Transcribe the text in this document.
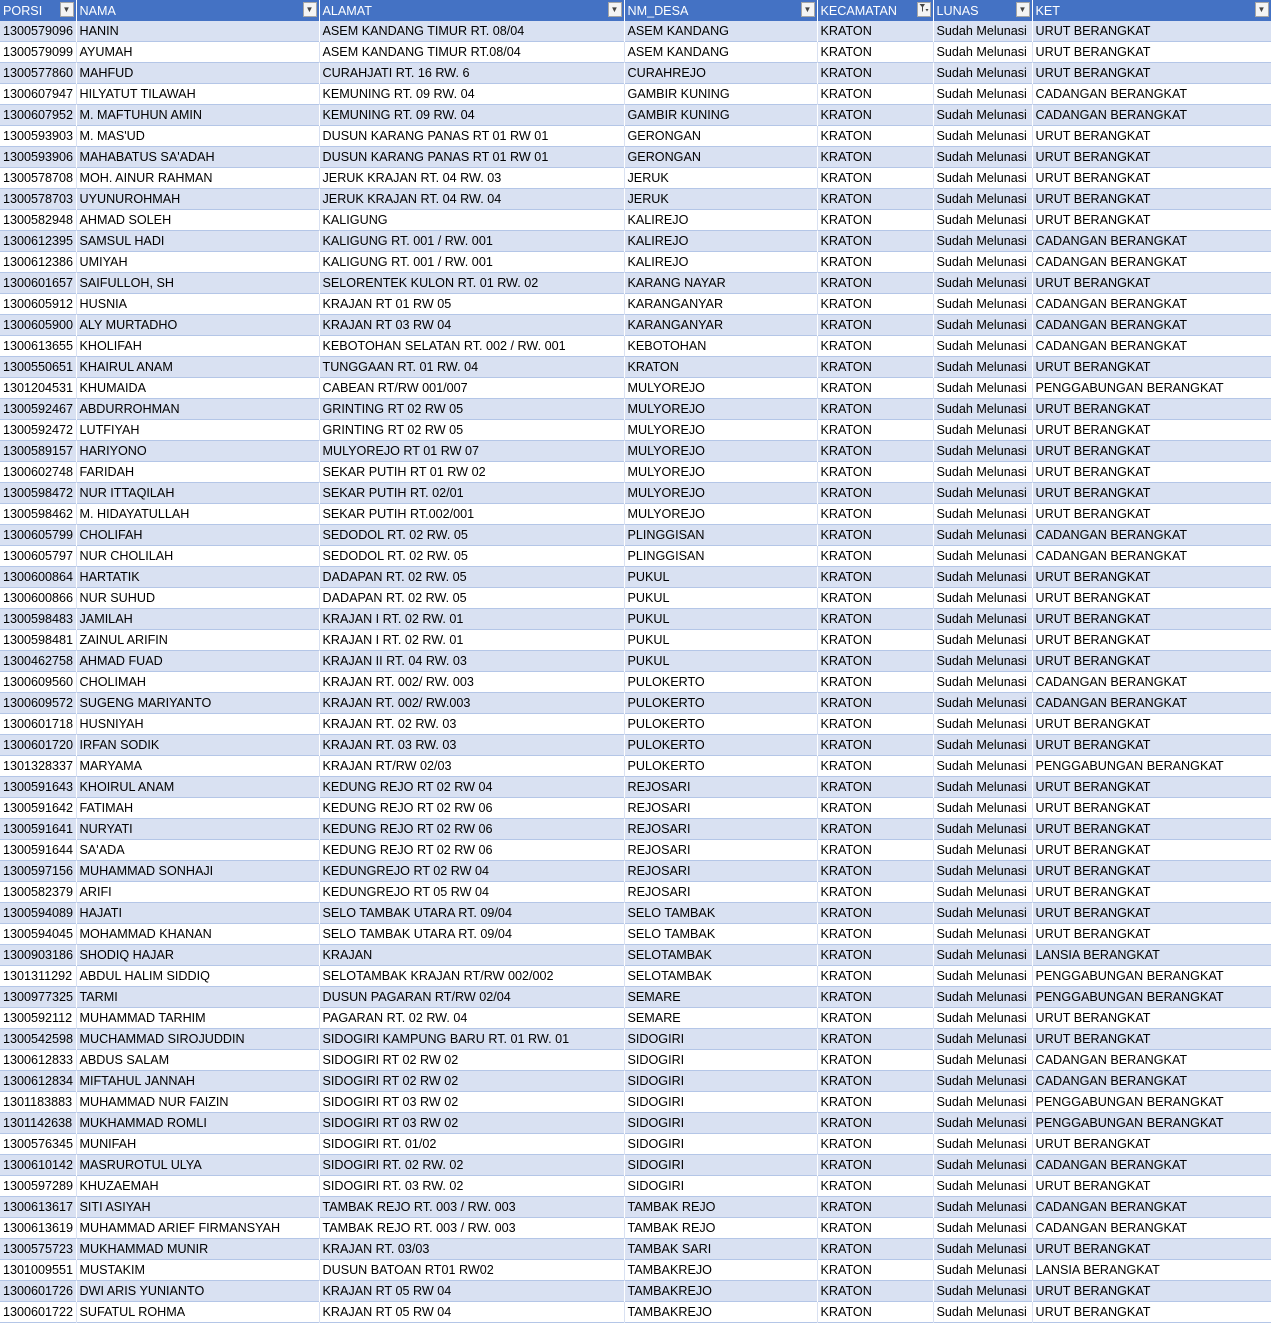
PORSI ▼	NAMA ▼	ALAMAT ▼	NM_DESA ▼	KECAMATAN	LUNAS ▼	KET ▼

1300579096	HANIN	ASEM KANDANG TIMUR RT. 08/04	ASEM KANDANG	KRATON	Sudah Melunasi	URUT BERANGKAT
1300579099	AYUMAH	ASEM KANDANG TIMUR RT.08/04	ASEM KANDANG	KRATON	Sudah Melunasi	URUT BERANGKAT
1300577860	MAHFUD	CURAHJATI RT. 16 RW. 6	CURAHREJO	KRATON	Sudah Melunasi	URUT BERANGKAT
1300607947	HILYATUT TILAWAH	KEMUNING RT. 09 RW. 04	GAMBIR KUNING	KRATON	Sudah Melunasi	CADANGAN BERANGKAT
1300607952	M. MAFTUHUN AMIN	KEMUNING RT. 09 RW. 04	GAMBIR KUNING	KRATON	Sudah Melunasi	CADANGAN BERANGKAT
1300593903	M. MAS'UD	DUSUN KARANG PANAS RT 01 RW 01	GERONGAN	KRATON	Sudah Melunasi	URUT BERANGKAT
1300593906	MAHABATUS SA'ADAH	DUSUN KARANG PANAS RT 01 RW 01	GERONGAN	KRATON	Sudah Melunasi	URUT BERANGKAT
1300578708	MOH. AINUR RAHMAN	JERUK KRAJAN RT. 04 RW. 03	JERUK	KRATON	Sudah Melunasi	URUT BERANGKAT
1300578703	UYUNUROHMAH	JERUK KRAJAN RT. 04 RW. 04	JERUK	KRATON	Sudah Melunasi	URUT BERANGKAT
1300582948	AHMAD SOLEH	KALIGUNG	KALIREJO	KRATON	Sudah Melunasi	URUT BERANGKAT
1300612395	SAMSUL HADI	KALIGUNG RT. 001 / RW. 001	KALIREJO	KRATON	Sudah Melunasi	CADANGAN BERANGKAT
1300612386	UMIYAH	KALIGUNG RT. 001 / RW. 001	KALIREJO	KRATON	Sudah Melunasi	CADANGAN BERANGKAT
1300601657	SAIFULLOH, SH	SELORENTEK KULON RT. 01 RW. 02	KARANG NAYAR	KRATON	Sudah Melunasi	URUT BERANGKAT
1300605912	HUSNIA	KRAJAN RT 01 RW 05	KARANGANYAR	KRATON	Sudah Melunasi	CADANGAN BERANGKAT
1300605900	ALY MURTADHO	KRAJAN RT 03 RW 04	KARANGANYAR	KRATON	Sudah Melunasi	CADANGAN BERANGKAT
1300613655	KHOLIFAH	KEBOTOHAN SELATAN RT. 002 / RW. 001	KEBOTOHAN	KRATON	Sudah Melunasi	CADANGAN BERANGKAT
1300550651	KHAIRUL ANAM	TUNGGAAN RT. 01 RW. 04	KRATON	KRATON	Sudah Melunasi	URUT BERANGKAT
1301204531	KHUMAIDA	CABEAN RT/RW 001/007	MULYOREJO	KRATON	Sudah Melunasi	PENGGABUNGAN BERANGKAT
1300592467	ABDURROHMAN	GRINTING RT 02 RW 05	MULYOREJO	KRATON	Sudah Melunasi	URUT BERANGKAT
1300592472	LUTFIYAH	GRINTING RT 02 RW 05	MULYOREJO	KRATON	Sudah Melunasi	URUT BERANGKAT
1300589157	HARIYONO	MULYOREJO RT 01 RW 07	MULYOREJO	KRATON	Sudah Melunasi	URUT BERANGKAT
1300602748	FARIDAH	SEKAR PUTIH RT 01 RW 02	MULYOREJO	KRATON	Sudah Melunasi	URUT BERANGKAT
1300598472	NUR ITTAQILAH	SEKAR PUTIH RT. 02/01	MULYOREJO	KRATON	Sudah Melunasi	URUT BERANGKAT
1300598462	M. HIDAYATULLAH	SEKAR PUTIH RT.002/001	MULYOREJO	KRATON	Sudah Melunasi	URUT BERANGKAT
1300605799	CHOLIFAH	SEDODOL RT. 02 RW. 05	PLINGGISAN	KRATON	Sudah Melunasi	CADANGAN BERANGKAT
1300605797	NUR CHOLILAH	SEDODOL RT. 02 RW. 05	PLINGGISAN	KRATON	Sudah Melunasi	CADANGAN BERANGKAT
1300600864	HARTATIK	DADAPAN RT. 02 RW. 05	PUKUL	KRATON	Sudah Melunasi	URUT BERANGKAT
1300600866	NUR SUHUD	DADAPAN RT. 02 RW. 05	PUKUL	KRATON	Sudah Melunasi	URUT BERANGKAT
1300598483	JAMILAH	KRAJAN I RT. 02 RW. 01	PUKUL	KRATON	Sudah Melunasi	URUT BERANGKAT
1300598481	ZAINUL ARIFIN	KRAJAN I RT. 02 RW. 01	PUKUL	KRATON	Sudah Melunasi	URUT BERANGKAT
1300462758	AHMAD FUAD	KRAJAN II RT. 04 RW. 03	PUKUL	KRATON	Sudah Melunasi	URUT BERANGKAT
1300609560	CHOLIMAH	KRAJAN RT. 002/ RW. 003	PULOKERTO	KRATON	Sudah Melunasi	CADANGAN BERANGKAT
1300609572	SUGENG MARIYANTO	KRAJAN RT. 002/ RW.003	PULOKERTO	KRATON	Sudah Melunasi	CADANGAN BERANGKAT
1300601718	HUSNIYAH	KRAJAN RT. 02 RW. 03	PULOKERTO	KRATON	Sudah Melunasi	URUT BERANGKAT
1300601720	IRFAN SODIK	KRAJAN RT. 03 RW. 03	PULOKERTO	KRATON	Sudah Melunasi	URUT BERANGKAT
1301328337	MARYAMA	KRAJAN RT/RW 02/03	PULOKERTO	KRATON	Sudah Melunasi	PENGGABUNGAN BERANGKAT
1300591643	KHOIRUL ANAM	KEDUNG REJO RT 02 RW 04	REJOSARI	KRATON	Sudah Melunasi	URUT BERANGKAT
1300591642	FATIMAH	KEDUNG REJO RT 02 RW 06	REJOSARI	KRATON	Sudah Melunasi	URUT BERANGKAT
1300591641	NURYATI	KEDUNG REJO RT 02 RW 06	REJOSARI	KRATON	Sudah Melunasi	URUT BERANGKAT
1300591644	SA'ADA	KEDUNG REJO RT 02 RW 06	REJOSARI	KRATON	Sudah Melunasi	URUT BERANGKAT
1300597156	MUHAMMAD SONHAJI	KEDUNGREJO RT 02 RW 04	REJOSARI	KRATON	Sudah Melunasi	URUT BERANGKAT
1300582379	ARIFI	KEDUNGREJO RT 05 RW 04	REJOSARI	KRATON	Sudah Melunasi	URUT BERANGKAT
1300594089	HAJATI	SELO TAMBAK UTARA RT. 09/04	SELO TAMBAK	KRATON	Sudah Melunasi	URUT BERANGKAT
1300594045	MOHAMMAD KHANAN	SELO TAMBAK UTARA RT. 09/04	SELO TAMBAK	KRATON	Sudah Melunasi	URUT BERANGKAT
1300903186	SHODIQ HAJAR	KRAJAN	SELOTAMBAK	KRATON	Sudah Melunasi	LANSIA BERANGKAT
1301311292	ABDUL HALIM SIDDIQ	SELOTAMBAK KRAJAN RT/RW 002/002	SELOTAMBAK	KRATON	Sudah Melunasi	PENGGABUNGAN BERANGKAT
1300977325	TARMI	DUSUN PAGARAN RT/RW 02/04	SEMARE	KRATON	Sudah Melunasi	PENGGABUNGAN BERANGKAT
1300592112	MUHAMMAD TARHIM	PAGARAN RT. 02 RW. 04	SEMARE	KRATON	Sudah Melunasi	URUT BERANGKAT
1300542598	MUCHAMMAD SIROJUDDIN	SIDOGIRI KAMPUNG BARU RT. 01 RW. 01	SIDOGIRI	KRATON	Sudah Melunasi	URUT BERANGKAT
1300612833	ABDUS SALAM	SIDOGIRI RT 02 RW 02	SIDOGIRI	KRATON	Sudah Melunasi	CADANGAN BERANGKAT
1300612834	MIFTAHUL JANNAH	SIDOGIRI RT 02 RW 02	SIDOGIRI	KRATON	Sudah Melunasi	CADANGAN BERANGKAT
1301183883	MUHAMMAD NUR FAIZIN	SIDOGIRI RT 03 RW 02	SIDOGIRI	KRATON	Sudah Melunasi	PENGGABUNGAN BERANGKAT
1301142638	MUKHAMMAD ROMLI	SIDOGIRI RT 03 RW 02	SIDOGIRI	KRATON	Sudah Melunasi	PENGGABUNGAN BERANGKAT
1300576345	MUNIFAH	SIDOGIRI RT. 01/02	SIDOGIRI	KRATON	Sudah Melunasi	URUT BERANGKAT
1300610142	MASRUROTUL ULYA	SIDOGIRI RT. 02 RW. 02	SIDOGIRI	KRATON	Sudah Melunasi	CADANGAN BERANGKAT
1300597289	KHUZAEMAH	SIDOGIRI RT. 03 RW. 02	SIDOGIRI	KRATON	Sudah Melunasi	URUT BERANGKAT
1300613617	SITI ASIYAH	TAMBAK REJO RT. 003 / RW. 003	TAMBAK REJO	KRATON	Sudah Melunasi	CADANGAN BERANGKAT
1300613619	MUHAMMAD ARIEF FIRMANSYAH	TAMBAK REJO RT. 003 / RW. 003	TAMBAK REJO	KRATON	Sudah Melunasi	CADANGAN BERANGKAT
1300575723	MUKHAMMAD MUNIR	KRAJAN RT. 03/03	TAMBAK SARI	KRATON	Sudah Melunasi	URUT BERANGKAT
1301009551	MUSTAKIM	DUSUN BATOAN RT01 RW02	TAMBAKREJO	KRATON	Sudah Melunasi	LANSIA BERANGKAT
1300601726	DWI ARIS YUNIANTO	KRAJAN RT 05 RW 04	TAMBAKREJO	KRATON	Sudah Melunasi	URUT BERANGKAT
1300601722	SUFATUL ROHMA	KRAJAN RT 05 RW 04	TAMBAKREJO	KRATON	Sudah Melunasi	URUT BERANGKAT
